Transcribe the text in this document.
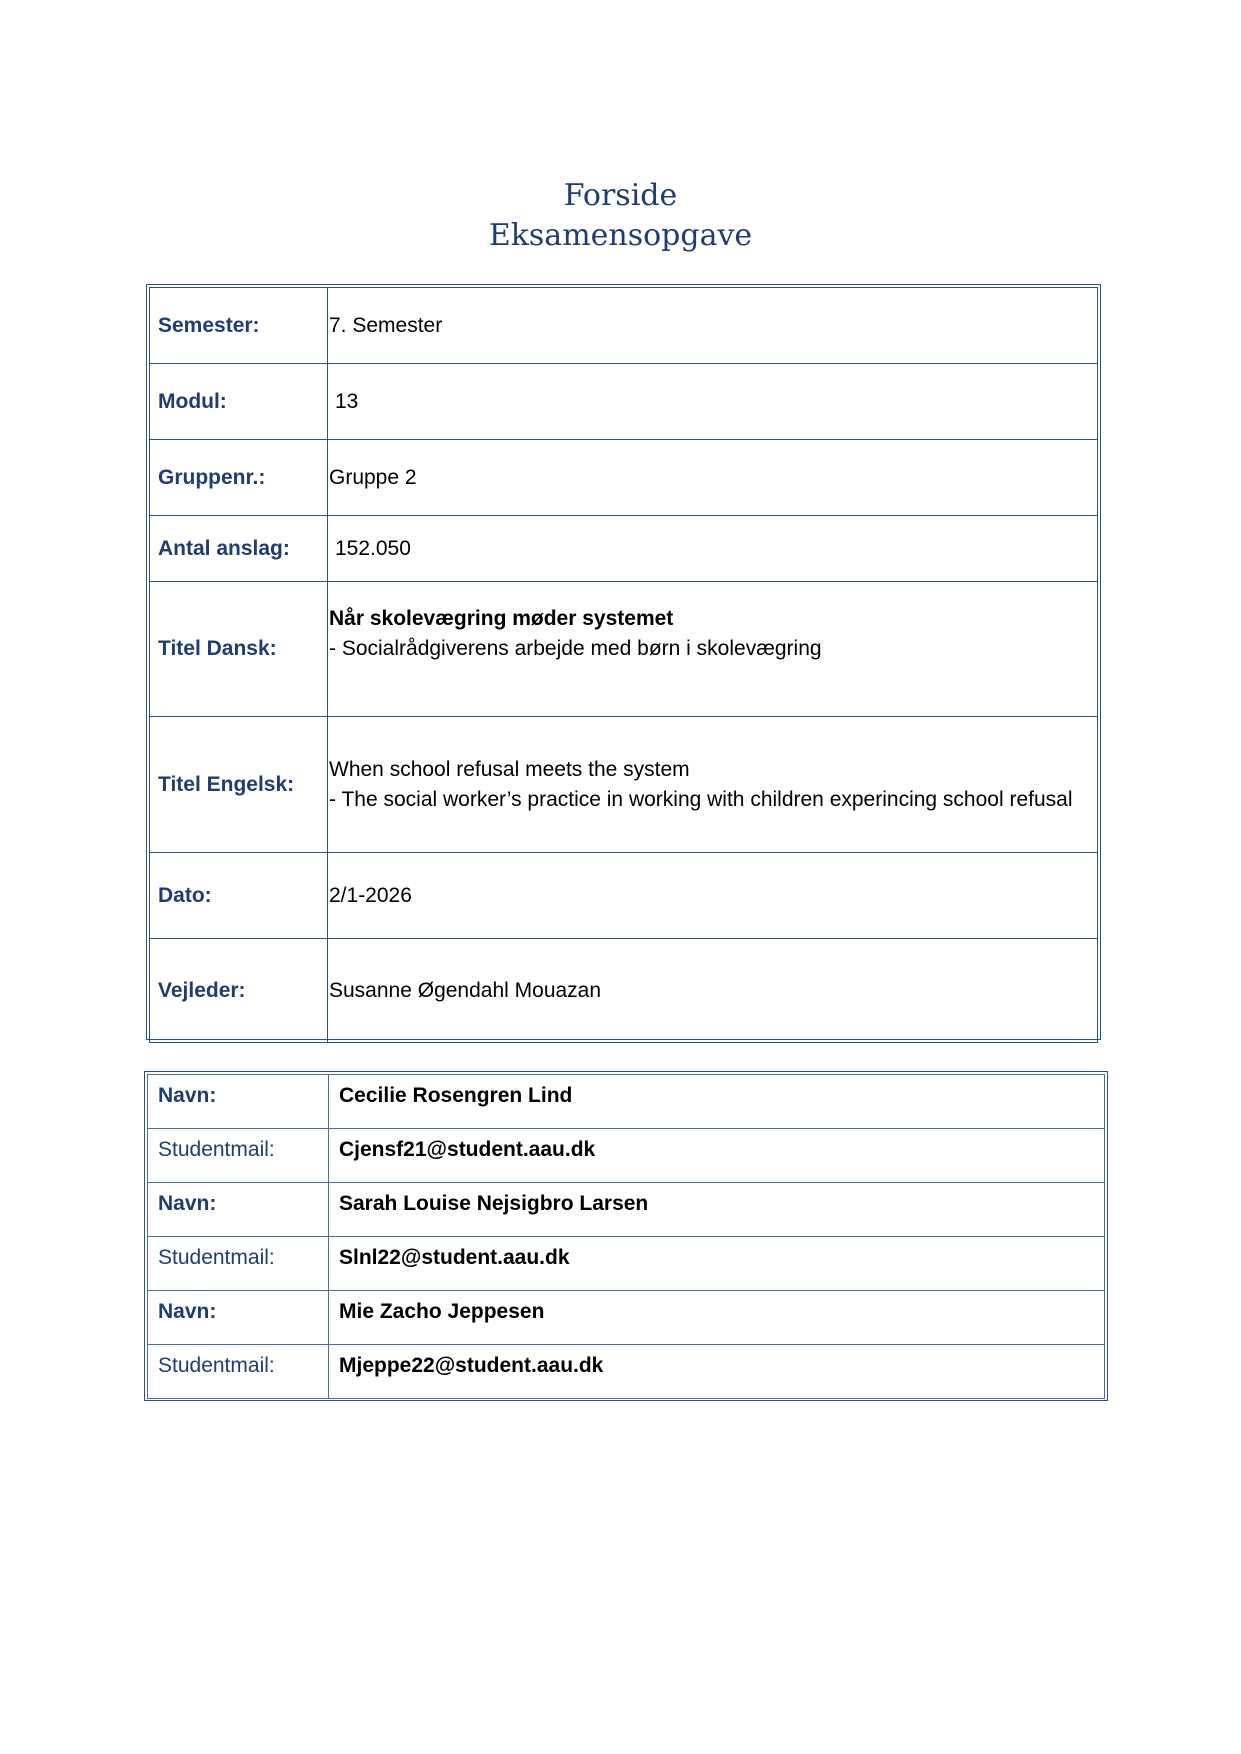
Forside
Eksamensopgave
Semester:	7. Semester
Modul:	13
Gruppenr.:	Gruppe 2
Antal anslag:	152.050
Titel Dansk:	Når skolevægring møder systemet
- Socialrådgiverens arbejde med børn i skolevægring

Titel Engelsk:	When school refusal meets the system
- The social worker’s practice in working with children experincing school refusal

Dato:	2/1-2026
Vejleder:	Susanne Øgendahl Mouazan
Navn:	Cecilie Rosengren Lind
Studentmail:	Cjensf21@student.aau.dk
Navn:	Sarah Louise Nejsigbro Larsen
Studentmail:	Slnl22@student.aau.dk
Navn:	Mie Zacho Jeppesen
Studentmail:	Mjeppe22@student.aau.dk
